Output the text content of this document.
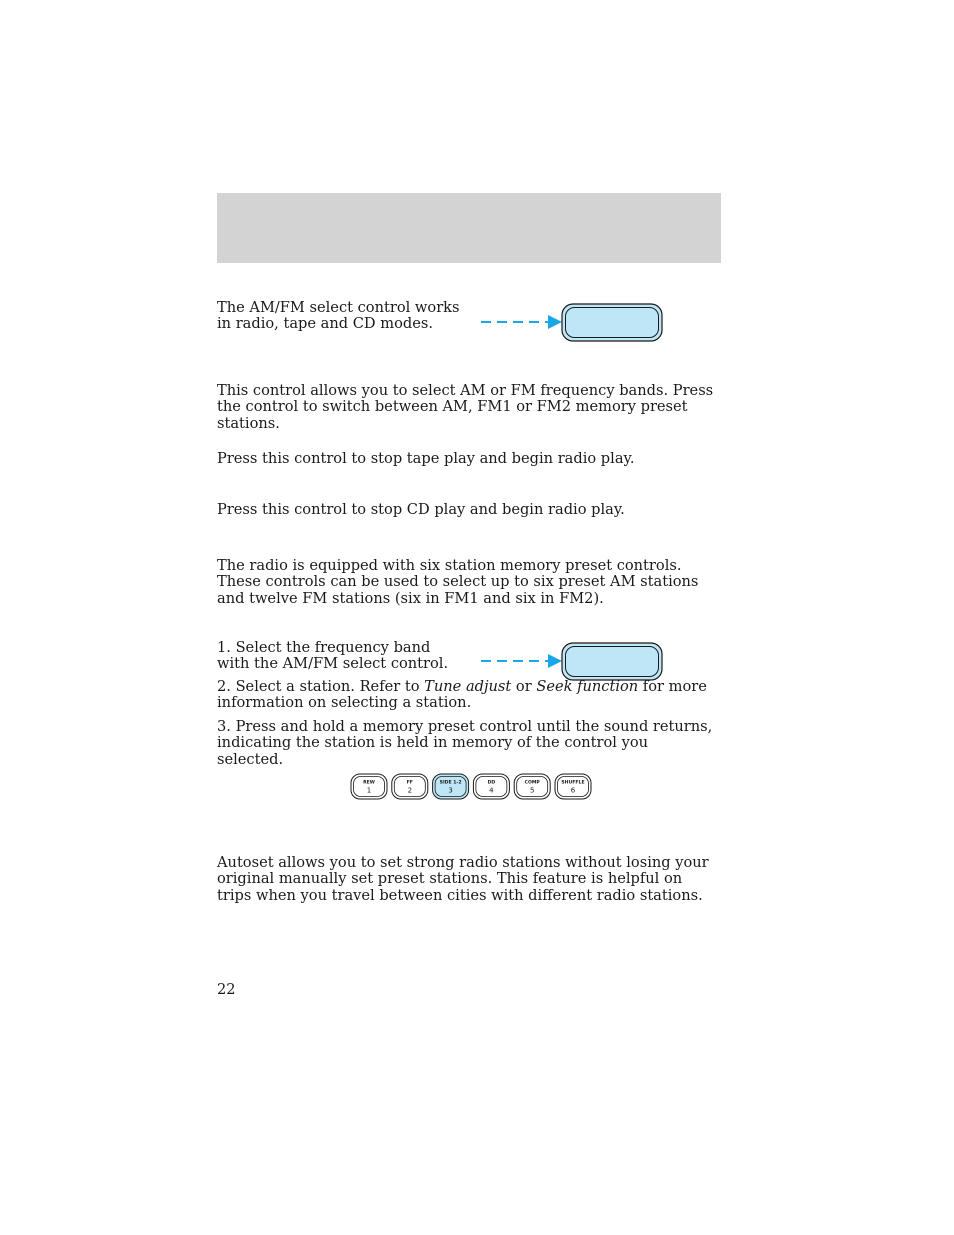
The AM/FM select control works in radio, tape and CD modes.

This control allows you to select AM or FM frequency bands. Press the control to switch between AM, FM1 or FM2 memory preset stations.

Press this control to stop tape play and begin radio play.

Press this control to stop CD play and begin radio play.

The radio is equipped with six station memory preset controls. These controls can be used to select up to six preset AM stations and twelve FM stations (six in FM1 and six in FM2).

1. Select the frequency band with the AM/FM select control.

2. Select a station. Refer to Tune adjust or Seek function for more information on selecting a station.

3. Press and hold a memory preset control until the sound returns, indicating the station is held in memory of the control you selected.

REW
1
FF
2
SIDE 1-2
3
DD
4
COMP
5
SHUFFLE
6

Autoset allows you to set strong radio stations without losing your original manually set preset stations. This feature is helpful on trips when you travel between cities with different radio stations.

22
